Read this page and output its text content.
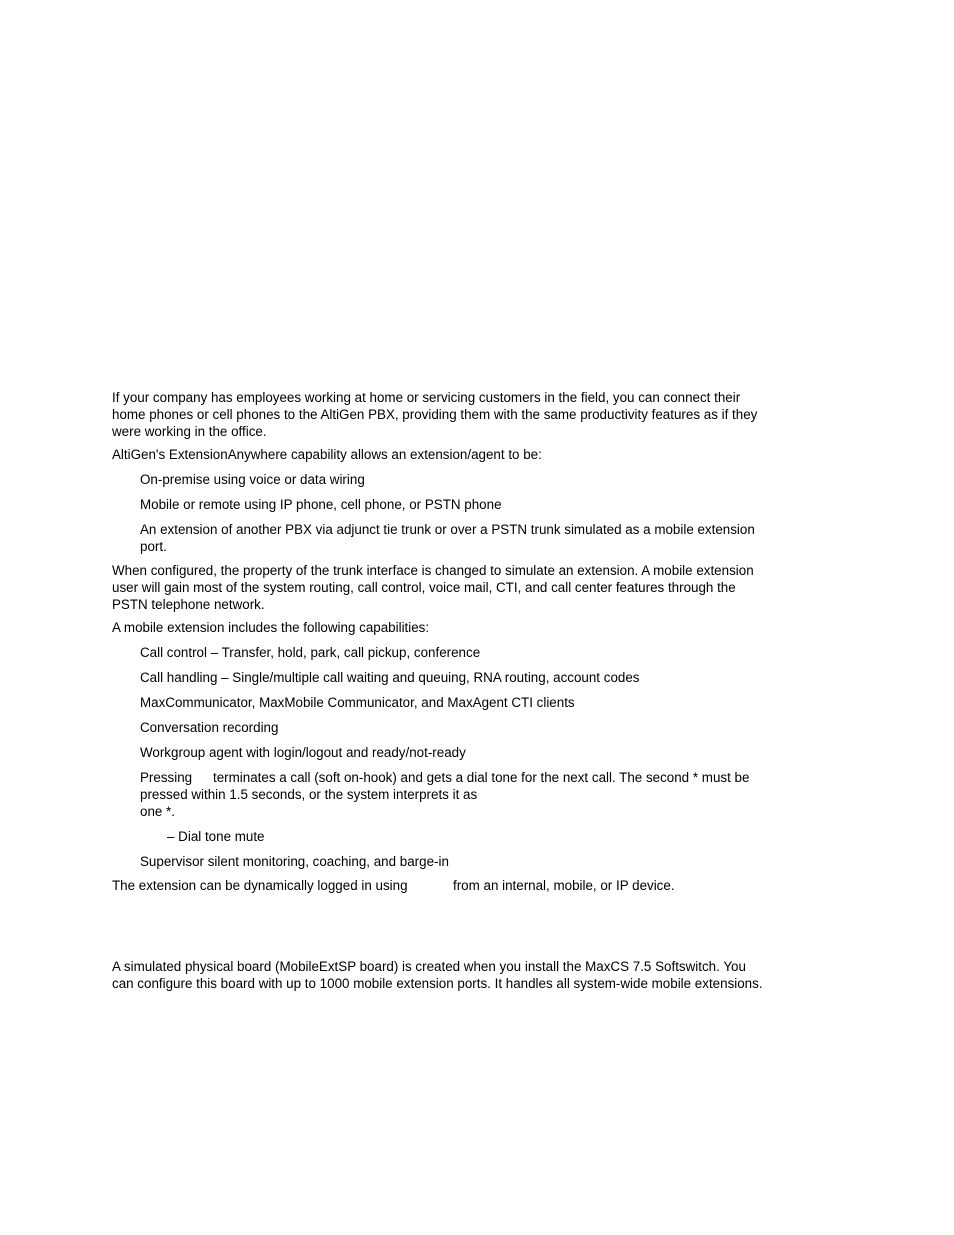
If your company has employees working at home or servicing customers in the field, you can connect their
home phones or cell phones to the AltiGen PBX, providing them with the same productivity features as if they
were working in the office.
AltiGen's ExtensionAnywhere capability allows an extension/agent to be:
On-premise using voice or data wiring
Mobile or remote using IP phone, cell phone, or PSTN phone
An extension of another PBX via adjunct tie trunk or over a PSTN trunk simulated as a mobile extension
port.
When configured, the property of the trunk interface is changed to simulate an extension. A mobile extension
user will gain most of the system routing, call control, voice mail, CTI, and call center features through the
PSTN telephone network.
A mobile extension includes the following capabilities:
Call control – Transfer, hold, park, call pickup, conference
Call handling – Single/multiple call waiting and queuing, RNA routing, account codes
MaxCommunicator, MaxMobile Communicator, and MaxAgent CTI clients
Conversation recording
Workgroup agent with login/logout and ready/not-ready
Pressing terminates a call (soft on-hook) and gets a dial tone for the next call. The second * must be
pressed within 1.5 seconds, or the system interprets it as
one *.
– Dial tone mute
Supervisor silent monitoring, coaching, and barge-in
The extension can be dynamically logged in using	from an internal, mobile, or IP device.
A simulated physical board (MobileExtSP board) is created when you install the MaxCS 7.5 Softswitch. You
can configure this board with up to 1000 mobile extension ports. It handles all system-wide mobile extensions.
